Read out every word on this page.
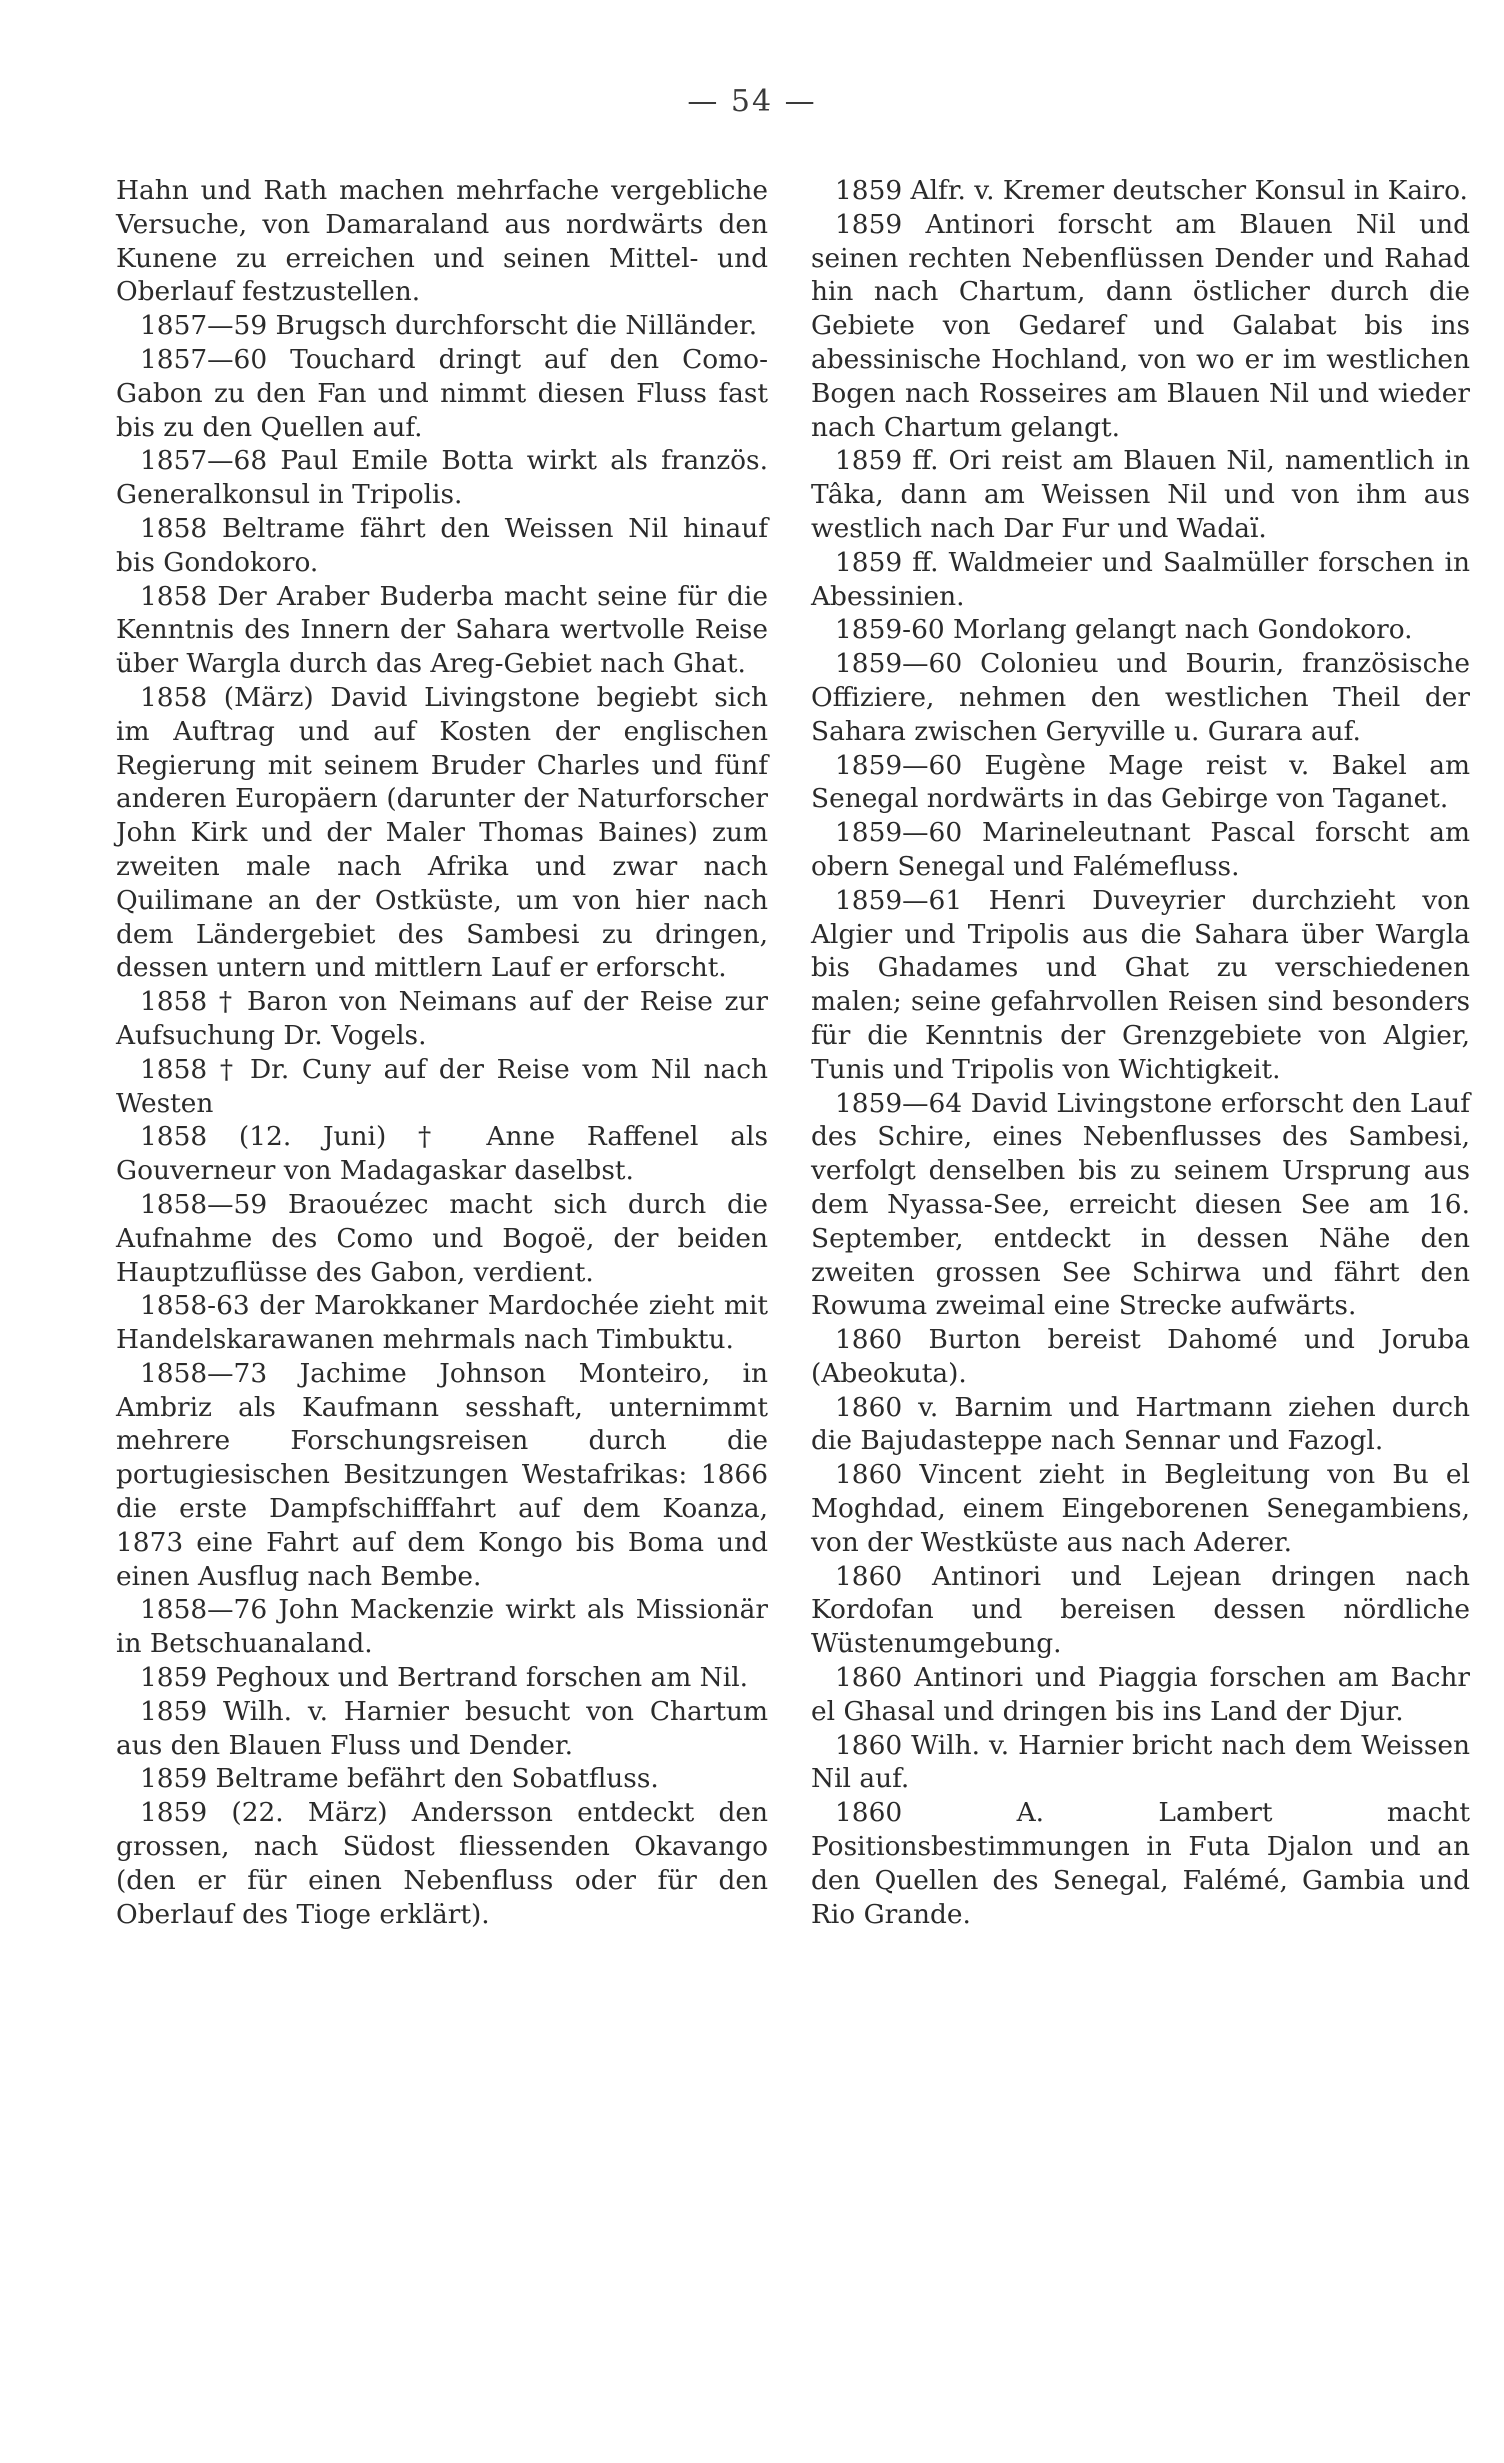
— 54 —

Hahn und Rath machen mehrfache vergebliche Versuche, von Damaraland aus nordwärts den Kunene zu erreichen und seinen Mittel- und Oberlauf festzustellen.

1857—59 Brugsch durchforscht die Nilländer.

1857—60 Touchard dringt auf den Como-Gabon zu den Fan und nimmt diesen Fluss fast bis zu den Quellen auf.

1857—68 Paul Emile Botta wirkt als französ. Generalkonsul in Tripolis.

1858 Beltrame fährt den Weissen Nil hinauf bis Gondokoro.

1858 Der Araber Buderba macht seine für die Kenntnis des Innern der Sahara wertvolle Reise über Wargla durch das Areg-Gebiet nach Ghat.

1858 (März) David Livingstone begiebt sich im Auftrag und auf Kosten der englischen Regierung mit seinem Bruder Charles und fünf anderen Europäern (darunter der Naturforscher John Kirk und der Maler Thomas Baines) zum zweiten male nach Afrika und zwar nach Quilimane an der Ostküste, um von hier nach dem Ländergebiet des Sambesi zu dringen, dessen untern und mittlern Lauf er erforscht.

1858 † Baron von Neimans auf der Reise zur Aufsuchung Dr. Vogels.

1858 † Dr. Cuny auf der Reise vom Nil nach Westen

1858 (12. Juni) † Anne Raffenel als Gouverneur von Madagaskar daselbst.

1858—59 Braouézec macht sich durch die Aufnahme des Como und Bogoë, der beiden Hauptzuflüsse des Gabon, verdient.

1858-63 der Marokkaner Mardochée zieht mit Handelskarawanen mehrmals nach Timbuktu.

1858—73 Jachime Johnson Monteiro, in Ambriz als Kaufmann sesshaft, unternimmt mehrere Forschungsreisen durch die portugiesischen Besitzungen Westafrikas: 1866 die erste Dampfschifffahrt auf dem Koanza, 1873 eine Fahrt auf dem Kongo bis Boma und einen Ausflug nach Bembe.

1858—76 John Mackenzie wirkt als Missionär in Betschuanaland.

1859 Peghoux und Bertrand forschen am Nil.

1859 Wilh. v. Harnier besucht von Chartum aus den Blauen Fluss und Dender.

1859 Beltrame befährt den Sobatfluss.

1859 (22. März) Andersson entdeckt den grossen, nach Südost fliessenden Okavango (den er für einen Nebenfluss oder für den Oberlauf des Tioge erklärt).

1859 Alfr. v. Kremer deutscher Konsul in Kairo.

1859 Antinori forscht am Blauen Nil und seinen rechten Nebenflüssen Dender und Rahad hin nach Chartum, dann östlicher durch die Gebiete von Gedaref und Galabat bis ins abessinische Hochland, von wo er im westlichen Bogen nach Rosseires am Blauen Nil und wieder nach Chartum gelangt.

1859 ff. Ori reist am Blauen Nil, namentlich in Tâka, dann am Weissen Nil und von ihm aus westlich nach Dar Fur und Wadaï.

1859 ff. Waldmeier und Saalmüller forschen in Abessinien.

1859-60 Morlang gelangt nach Gondokoro.

1859—60 Colonieu und Bourin, französische Offiziere, nehmen den westlichen Theil der Sahara zwischen Geryville u. Gurara auf.

1859—60 Eugène Mage reist v. Bakel am Senegal nordwärts in das Gebirge von Taganet.

1859—60 Marineleutnant Pascal forscht am obern Senegal und Falémefluss.

1859—61 Henri Duveyrier durchzieht von Algier und Tripolis aus die Sahara über Wargla bis Ghadames und Ghat zu verschiedenen malen; seine gefahrvollen Reisen sind besonders für die Kenntnis der Grenzgebiete von Algier, Tunis und Tripolis von Wichtigkeit.

1859—64 David Livingstone erforscht den Lauf des Schire, eines Nebenflusses des Sambesi, verfolgt denselben bis zu seinem Ursprung aus dem Nyassa-See, erreicht diesen See am 16. September, entdeckt in dessen Nähe den zweiten grossen See Schirwa und fährt den Rowuma zweimal eine Strecke aufwärts.

1860 Burton bereist Dahomé und Joruba (Abeokuta).

1860 v. Barnim und Hartmann ziehen durch die Bajudasteppe nach Sennar und Fazogl.

1860 Vincent zieht in Begleitung von Bu el Moghdad, einem Eingeborenen Senegambiens, von der Westküste aus nach Aderer.

1860 Antinori und Lejean dringen nach Kordofan und bereisen dessen nördliche Wüstenumgebung.

1860 Antinori und Piaggia forschen am Bachr el Ghasal und dringen bis ins Land der Djur.

1860 Wilh. v. Harnier bricht nach dem Weissen Nil auf.

1860 A. Lambert macht Positionsbestimmungen in Futa Djalon und an den Quellen des Senegal, Falémé, Gambia und Rio Grande.
